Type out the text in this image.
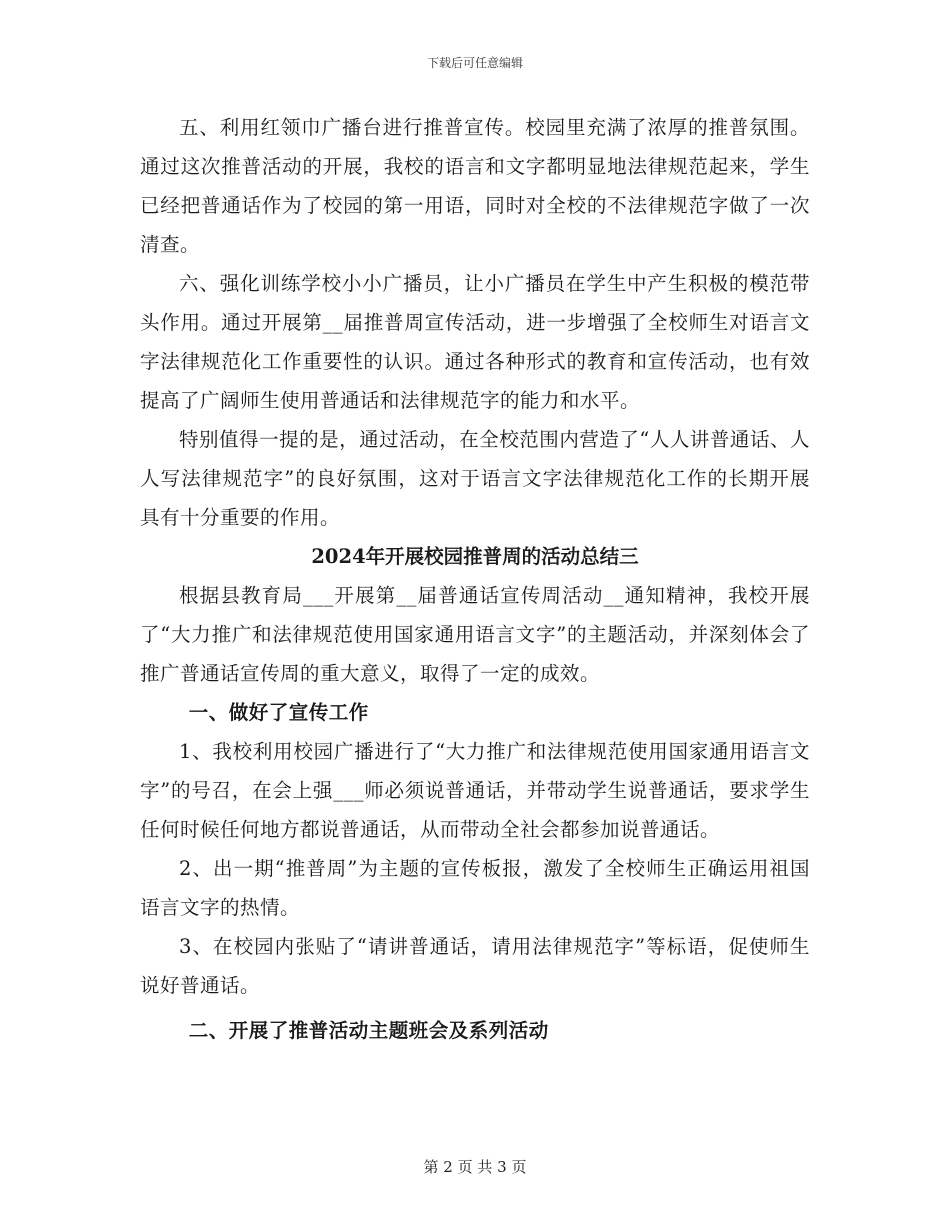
下载后可任意编辑

五、利用红领巾广播台进行推普宣传。校园里充满了浓厚的推普氛围。通过这次推普活动的开展，我校的语言和文字都明显地法律规范起来，学生已经把普通话作为了校园的第一用语，同时对全校的不法律规范字做了一次清查。

六、强化训练学校小小广播员，让小广播员在学生中产生积极的模范带头作用。通过开展第__届推普周宣传活动，进一步增强了全校师生对语言文字法律规范化工作重要性的认识。通过各种形式的教育和宣传活动，也有效提高了广阔师生使用普通话和法律规范字的能力和水平。

特别值得一提的是，通过活动，在全校范围内营造了“人人讲普通话、人人写法律规范字”的良好氛围，这对于语言文字法律规范化工作的长期开展具有十分重要的作用。

2024年开展校园推普周的活动总结三

根据县教育局___开展第__届普通话宣传周活动__通知精神，我校开展了“大力推广和法律规范使用国家通用语言文字”的主题活动，并深刻体会了推广普通话宣传周的重大意义，取得了一定的成效。

一、做好了宣传工作

1、我校利用校园广播进行了“大力推广和法律规范使用国家通用语言文字”的号召，在会上强___师必须说普通话，并带动学生说普通话，要求学生任何时候任何地方都说普通话，从而带动全社会都参加说普通话。

2、出一期“推普周”为主题的宣传板报，激发了全校师生正确运用祖国语言文字的热情。

3、在校园内张贴了“请讲普通话，请用法律规范字”等标语，促使师生说好普通话。

二、开展了推普活动主题班会及系列活动

第 2 页 共 3 页
